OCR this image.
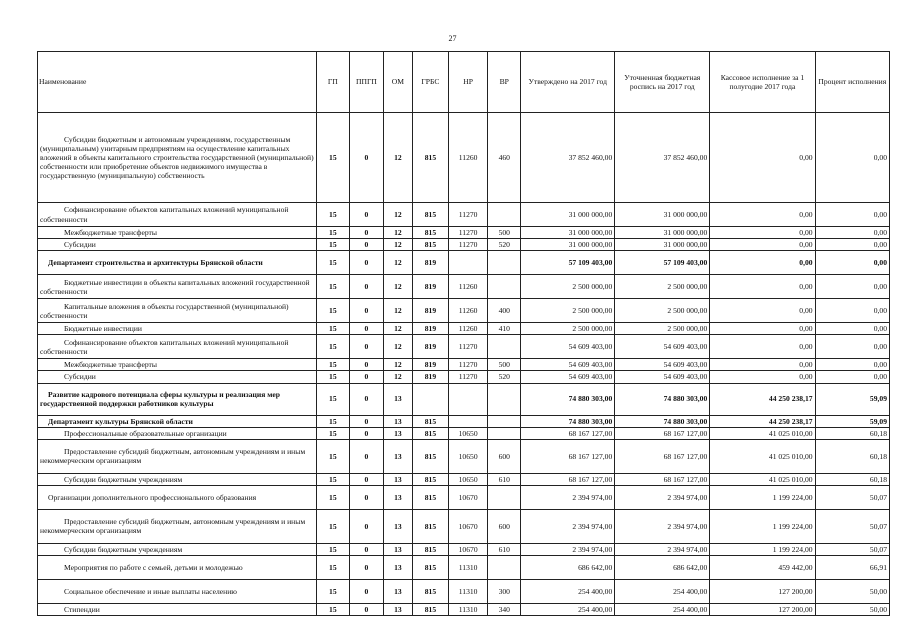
27
Наименование	ГП	ППГП	ОМ	ГРБС	НР	ВР	Утверждено на 2017 год	Уточненная бюджетная роспись на 2017 год	Кассовое исполнение за 1 полугодие 2017 года	Процент исполнения
Субсидии бюджетным и автономным учреждениям, государственным (муниципальным) унитарным предприятиям на осуществление капитальных вложений в объекты капитального строительства государственной (муниципальной) собственности или приобретение объектов недвижимого имущества в государственную (муниципальную) собственность	15	0	12	815	11260	460	37 852 460,00	37 852 460,00	0,00	0,00
Софинансирование объектов капитальных вложений муниципальной собственности	15	0	12	815	11270		31 000 000,00	31 000 000,00	0,00	0,00
Межбюджетные трансферты	15	0	12	815	11270	500	31 000 000,00	31 000 000,00	0,00	0,00
Субсидии	15	0	12	815	11270	520	31 000 000,00	31 000 000,00	0,00	0,00
Департамент строительства и архитектуры Брянской области	15	0	12	819			57 109 403,00	57 109 403,00	0,00	0,00
Бюджетные инвестиции в объекты капитальных вложений государственной собственности	15	0	12	819	11260		2 500 000,00	2 500 000,00	0,00	0,00
Капитальные вложения в объекты государственной (муниципальной) собственности	15	0	12	819	11260	400	2 500 000,00	2 500 000,00	0,00	0,00
Бюджетные инвестиции	15	0	12	819	11260	410	2 500 000,00	2 500 000,00	0,00	0,00
Софинансирование объектов капитальных вложений муниципальной собственности	15	0	12	819	11270		54 609 403,00	54 609 403,00	0,00	0,00
Межбюджетные трансферты	15	0	12	819	11270	500	54 609 403,00	54 609 403,00	0,00	0,00
Субсидии	15	0	12	819	11270	520	54 609 403,00	54 609 403,00	0,00	0,00
Развитие кадрового потенциала сферы культуры и реализация мер государственной поддержки работников культуры	15	0	13				74 880 303,00	74 880 303,00	44 250 238,17	59,09
Департамент культуры Брянской области	15	0	13	815			74 880 303,00	74 880 303,00	44 250 238,17	59,09
Профессиональные образовательные организации	15	0	13	815	10650		68 167 127,00	68 167 127,00	41 025 010,00	60,18
Предоставление субсидий бюджетным, автономным учреждениям и иным некоммерческим организациям	15	0	13	815	10650	600	68 167 127,00	68 167 127,00	41 025 010,00	60,18
Субсидии бюджетным учреждениям	15	0	13	815	10650	610	68 167 127,00	68 167 127,00	41 025 010,00	60,18
Организации дополнительного профессионального образования	15	0	13	815	10670		2 394 974,00	2 394 974,00	1 199 224,00	50,07
Предоставление субсидий бюджетным, автономным учреждениям и иным некоммерческим организациям	15	0	13	815	10670	600	2 394 974,00	2 394 974,00	1 199 224,00	50,07
Субсидии бюджетным учреждениям	15	0	13	815	10670	610	2 394 974,00	2 394 974,00	1 199 224,00	50,07
Мероприятия по работе с семьей, детьми и молодежью	15	0	13	815	11310		686 642,00	686 642,00	459 442,00	66,91
Социальное обеспечение и иные выплаты населению	15	0	13	815	11310	300	254 400,00	254 400,00	127 200,00	50,00
Стипендии	15	0	13	815	11310	340	254 400,00	254 400,00	127 200,00	50,00
